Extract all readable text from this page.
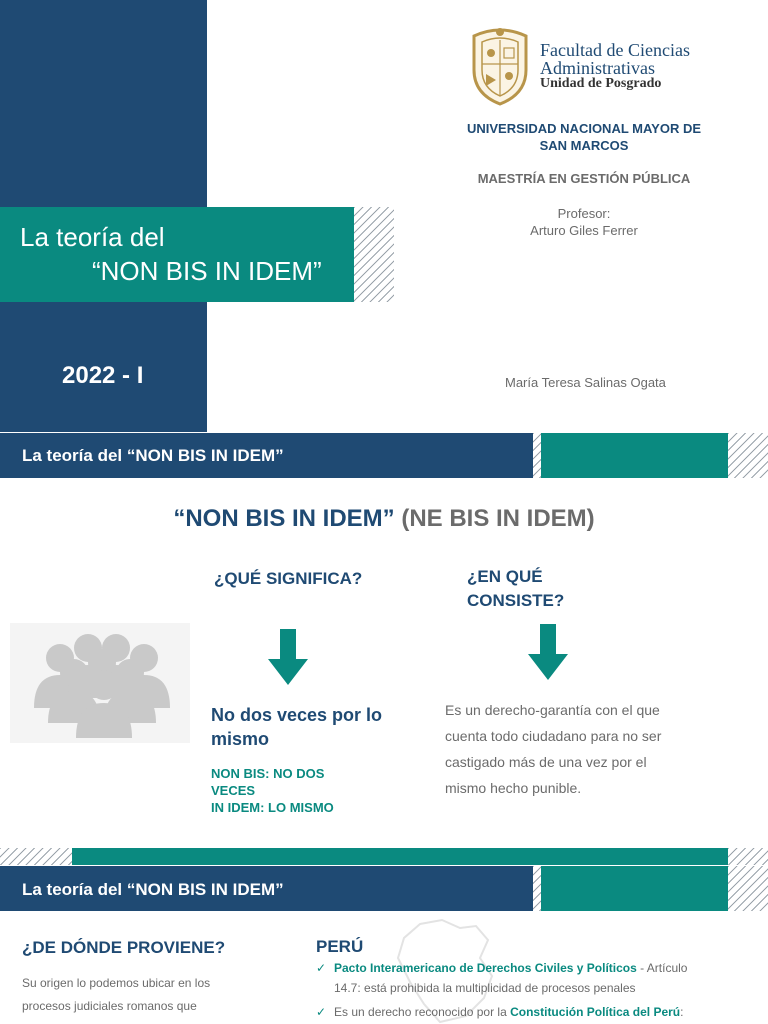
La teoría del
“NON BIS IN IDEM”
2022 - I
Facultad de Ciencias
Administrativas
Unidad de Posgrado
UNIVERSIDAD NACIONAL MAYOR DE SAN MARCOS
MAESTRÍA EN GESTIÓN PÚBLICA
Profesor:
Arturo Giles Ferrer
María Teresa Salinas Ogata
La teoría del “NON BIS IN IDEM”
“NON BIS IN IDEM” (NE BIS IN IDEM)
¿QUÉ SIGNIFICA?	¿EN QUÉ CONSISTE?
No dos veces por lo mismo
NON BIS: NO DOS VECES
IN IDEM: LO MISMO
Es un derecho-garantía con el que cuenta todo ciudadano para no ser castigado más de una vez por el mismo hecho punible.
La teoría del “NON BIS IN IDEM”
¿DE DÓNDE PROVIENE?
Su origen lo podemos ubicar en los procesos judiciales romanos que
PERÚ
✓ Pacto Interamericano de Derechos Civiles y Políticos - Artículo 14.7: está prohibida la multiplicidad de procesos penales
✓ Es un derecho reconocido por la Constitución Política del Perú:
